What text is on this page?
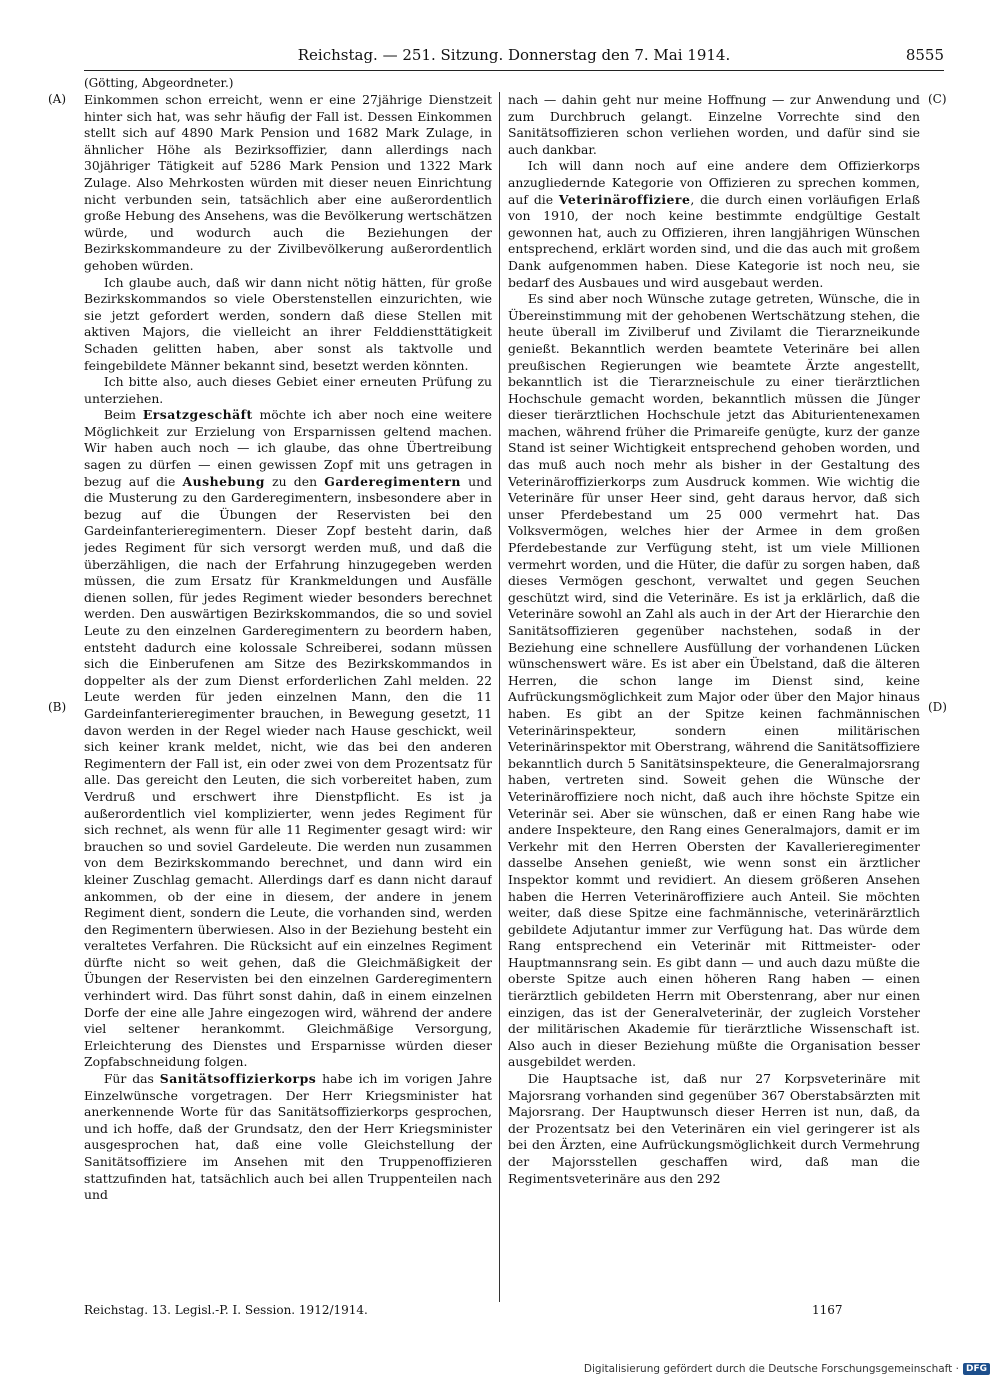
Reichstag. — 251. Sitzung. Donnerstag den 7. Mai 1914.	8555
(Götting, Abgeordneter.)
(A)
(B)
(C)
(D)

Einkommen schon erreicht, wenn er eine 27jährige Dienstzeit hinter sich hat, was sehr häufig der Fall ist. Dessen Einkommen stellt sich auf 4890 Mark Pension und 1682 Mark Zulage, in ähnlicher Höhe als Bezirksoffizier, dann allerdings nach 30jähriger Tätigkeit auf 5286 Mark Pension und 1322 Mark Zulage. Also Mehrkosten würden mit dieser neuen Einrichtung nicht verbunden sein, tatsächlich aber eine außerordentlich große Hebung des Ansehens, was die Bevölkerung wertschätzen würde, und wodurch auch die Beziehungen der Bezirkskommandeure zu der Zivilbevölkerung außerordentlich gehoben würden.

Ich glaube auch, daß wir dann nicht nötig hätten, für große Bezirkskommandos so viele Oberstenstellen einzurichten, wie sie jetzt gefordert werden, sondern daß diese Stellen mit aktiven Majors, die vielleicht an ihrer Felddiensttätigkeit Schaden gelitten haben, aber sonst als taktvolle und feingebildete Männer bekannt sind, besetzt werden könnten.

Ich bitte also, auch dieses Gebiet einer erneuten Prüfung zu unterziehen.

Beim Ersatzgeschäft möchte ich aber noch eine weitere Möglichkeit zur Erzielung von Ersparnissen geltend machen. Wir haben auch noch — ich glaube, das ohne Übertreibung sagen zu dürfen — einen gewissen Zopf mit uns getragen in bezug auf die Aushebung zu den Garderegimentern und die Musterung zu den Garderegimentern, insbesondere aber in bezug auf die Übungen der Reservisten bei den Gardeinfanterieregimentern. Dieser Zopf besteht darin, daß jedes Regiment für sich versorgt werden muß, und daß die überzähligen, die nach der Erfahrung hinzugegeben werden müssen, die zum Ersatz für Krankmeldungen und Ausfälle dienen sollen, für jedes Regiment wieder besonders berechnet werden. Den auswärtigen Bezirkskommandos, die so und soviel Leute zu den einzelnen Garderegimentern zu beordern haben, entsteht dadurch eine kolossale Schreiberei, sodann müssen sich die Einberufenen am Sitze des Bezirkskommandos in doppelter als der zum Dienst erforderlichen Zahl melden. 22 Leute werden für jeden einzelnen Mann, den die 11 Gardeinfanterieregimenter brauchen, in Bewegung gesetzt, 11 davon werden in der Regel wieder nach Hause geschickt, weil sich keiner krank meldet, nicht, wie das bei den anderen Regimentern der Fall ist, ein oder zwei von dem Prozentsatz für alle. Das gereicht den Leuten, die sich vorbereitet haben, zum Verdruß und erschwert ihre Dienstpflicht. Es ist ja außerordentlich viel komplizierter, wenn jedes Regiment für sich rechnet, als wenn für alle 11 Regimenter gesagt wird: wir brauchen so und soviel Gardeleute. Die werden nun zusammen von dem Bezirkskommando berechnet, und dann wird ein kleiner Zuschlag gemacht. Allerdings darf es dann nicht darauf ankommen, ob der eine in diesem, der andere in jenem Regiment dient, sondern die Leute, die vorhanden sind, werden den Regimentern überwiesen. Also in der Beziehung besteht ein veraltetes Verfahren. Die Rücksicht auf ein einzelnes Regiment dürfte nicht so weit gehen, daß die Gleichmäßigkeit der Übungen der Reservisten bei den einzelnen Garderegimentern verhindert wird. Das führt sonst dahin, daß in einem einzelnen Dorfe der eine alle Jahre eingezogen wird, während der andere viel seltener herankommt. Gleichmäßige Versorgung, Erleichterung des Dienstes und Ersparnisse würden dieser Zopfabschneidung folgen.

Für das Sanitätsoffizierkorps habe ich im vorigen Jahre Einzelwünsche vorgetragen. Der Herr Kriegsminister hat anerkennende Worte für das Sanitätsoffizierkorps gesprochen, und ich hoffe, daß der Grundsatz, den der Herr Kriegsminister ausgesprochen hat, daß eine volle Gleichstellung der Sanitätsoffiziere im Ansehen mit den Truppenoffizieren stattzufinden hat, tatsächlich auch bei allen Truppenteilen nach und

nach — dahin geht nur meine Hoffnung — zur Anwendung und zum Durchbruch gelangt. Einzelne Vorrechte sind den Sanitätsoffizieren schon verliehen worden, und dafür sind sie auch dankbar.

Ich will dann noch auf eine andere dem Offizierkorps anzugliedernde Kategorie von Offizieren zu sprechen kommen, auf die Veterinäroffiziere, die durch einen vorläufigen Erlaß von 1910, der noch keine bestimmte endgültige Gestalt gewonnen hat, auch zu Offizieren, ihren langjährigen Wünschen entsprechend, erklärt worden sind, und die das auch mit großem Dank aufgenommen haben. Diese Kategorie ist noch neu, sie bedarf des Ausbaues und wird ausgebaut werden.

Es sind aber noch Wünsche zutage getreten, Wünsche, die in Übereinstimmung mit der gehobenen Wertschätzung stehen, die heute überall im Zivilberuf und Zivilamt die Tierarzneikunde genießt. Bekanntlich werden beamtete Veterinäre bei allen preußischen Regierungen wie beamtete Ärzte angestellt, bekanntlich ist die Tierarzneischule zu einer tierärztlichen Hochschule gemacht worden, bekanntlich müssen die Jünger dieser tierärztlichen Hochschule jetzt das Abiturientenexamen machen, während früher die Primareife genügte, kurz der ganze Stand ist seiner Wichtigkeit entsprechend gehoben worden, und das muß auch noch mehr als bisher in der Gestaltung des Veterinäroffizierkorps zum Ausdruck kommen. Wie wichtig die Veterinäre für unser Heer sind, geht daraus hervor, daß sich unser Pferdebestand um 25 000 vermehrt hat. Das Volksvermögen, welches hier der Armee in dem großen Pferdebestande zur Verfügung steht, ist um viele Millionen vermehrt worden, und die Hüter, die dafür zu sorgen haben, daß dieses Vermögen geschont, verwaltet und gegen Seuchen geschützt wird, sind die Veterinäre. Es ist ja erklärlich, daß die Veterinäre sowohl an Zahl als auch in der Art der Hierarchie den Sanitätsoffizieren gegenüber nachstehen, sodaß in der Beziehung eine schnellere Ausfüllung der vorhandenen Lücken wünschenswert wäre. Es ist aber ein Übelstand, daß die älteren Herren, die schon lange im Dienst sind, keine Aufrückungsmöglichkeit zum Major oder über den Major hinaus haben. Es gibt an der Spitze keinen fachmännischen Veterinärinspekteur, sondern einen militärischen Veterinärinspektor mit Oberstrang, während die Sanitätsoffiziere bekanntlich durch 5 Sanitätsinspekteure, die Generalmajorsrang haben, vertreten sind. Soweit gehen die Wünsche der Veterinäroffiziere noch nicht, daß auch ihre höchste Spitze ein Veterinär sei. Aber sie wünschen, daß er einen Rang habe wie andere Inspekteure, den Rang eines Generalmajors, damit er im Verkehr mit den Herren Obersten der Kavallerieregimenter dasselbe Ansehen genießt, wie wenn sonst ein ärztlicher Inspektor kommt und revidiert. An diesem größeren Ansehen haben die Herren Veterinäroffiziere auch Anteil. Sie möchten weiter, daß diese Spitze eine fachmännische, veterinärärztlich gebildete Adjutantur immer zur Verfügung hat. Das würde dem Rang entsprechend ein Veterinär mit Rittmeister- oder Hauptmannsrang sein. Es gibt dann — und auch dazu müßte die oberste Spitze auch einen höheren Rang haben — einen tierärztlich gebildeten Herrn mit Oberstenrang, aber nur einen einzigen, das ist der Generalveterinär, der zugleich Vorsteher der militärischen Akademie für tierärztliche Wissenschaft ist. Also auch in dieser Beziehung müßte die Organisation besser ausgebildet werden.

Die Hauptsache ist, daß nur 27 Korpsveterinäre mit Majorsrang vorhanden sind gegenüber 367 Oberstabsärzten mit Majorsrang. Der Hauptwunsch dieser Herren ist nun, daß, da der Prozentsatz bei den Veterinären ein viel geringerer ist als bei den Ärzten, eine Aufrückungsmöglichkeit durch Vermehrung der Majorsstellen geschaffen wird, daß man die Regimentsveterinäre aus den 292

Reichstag. 13. Legisl.-P. I. Session. 1912/1914.	1167
Digitalisierung gefördert durch die Deutsche Forschungsgemeinschaft · DFG
